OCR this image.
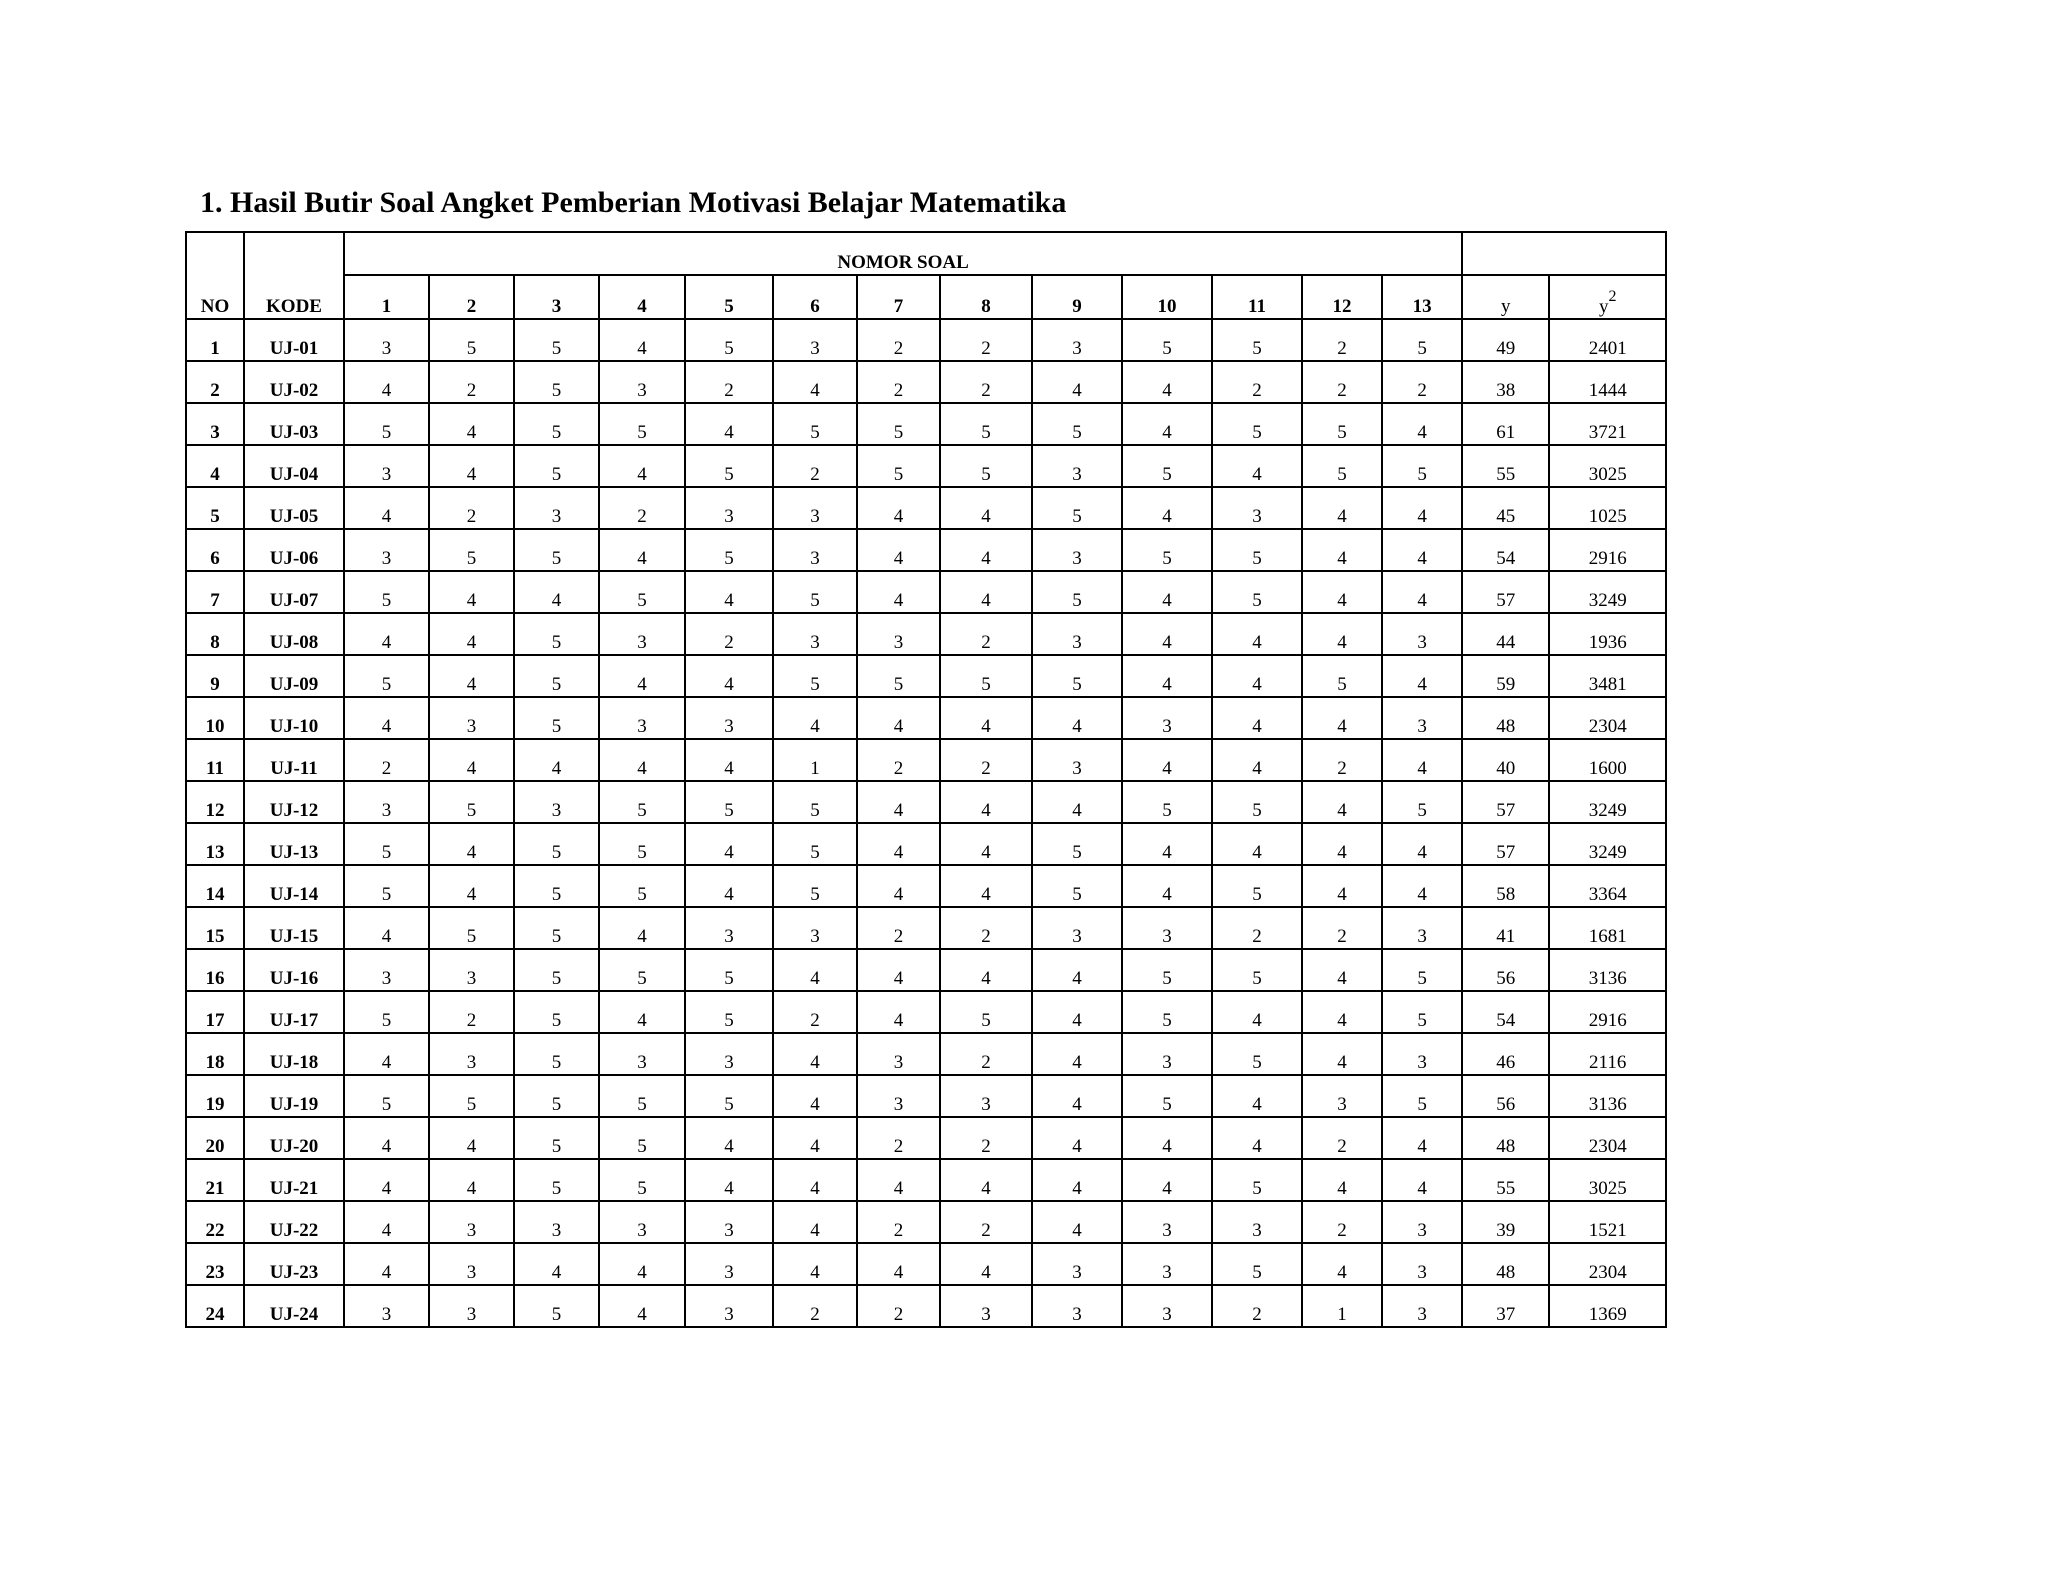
1. Hasil Butir Soal Angket Pemberian Motivasi Belajar Matematika
		NOMOR SOAL														
NO	KODE	1	2	3	4	5	6	7	8	9	10	11	12	13	y	$y^2$
1	UJ-01	3	5	5	4	5	3	2	2	3	5	5	2	5	49	2401
2	UJ-02	4	2	5	3	2	4	2	2	4	4	2	2	2	38	1444
3	UJ-03	5	4	5	5	4	5	5	5	5	4	5	5	4	61	3721
4	UJ-04	3	4	5	4	5	2	5	5	3	5	4	5	5	55	3025
5	UJ-05	4	2	3	2	3	3	4	4	5	4	3	4	4	45	1025
6	UJ-06	3	5	5	4	5	3	4	4	3	5	5	4	4	54	2916
7	UJ-07	5	4	4	5	4	5	4	4	5	4	5	4	4	57	3249
8	UJ-08	4	4	5	3	2	3	3	2	3	4	4	4	3	44	1936
9	UJ-09	5	4	5	4	4	5	5	5	5	4	4	5	4	59	3481
10	UJ-10	4	3	5	3	3	4	4	4	4	3	4	4	3	48	2304
11	UJ-11	2	4	4	4	4	1	2	2	3	4	4	2	4	40	1600
12	UJ-12	3	5	3	5	5	5	4	4	4	5	5	4	5	57	3249
13	UJ-13	5	4	5	5	4	5	4	4	5	4	4	4	4	57	3249
14	UJ-14	5	4	5	5	4	5	4	4	5	4	5	4	4	58	3364
15	UJ-15	4	5	5	4	3	3	2	2	3	3	2	2	3	41	1681
16	UJ-16	3	3	5	5	5	4	4	4	4	5	5	4	5	56	3136
17	UJ-17	5	2	5	4	5	2	4	5	4	5	4	4	5	54	2916
18	UJ-18	4	3	5	3	3	4	3	2	4	3	5	4	3	46	2116
19	UJ-19	5	5	5	5	5	4	3	3	4	5	4	3	5	56	3136
20	UJ-20	4	4	5	5	4	4	2	2	4	4	4	2	4	48	2304
21	UJ-21	4	4	5	5	4	4	4	4	4	4	5	4	4	55	3025
22	UJ-22	4	3	3	3	3	4	2	2	4	3	3	2	3	39	1521
23	UJ-23	4	3	4	4	3	4	4	4	3	3	5	4	3	48	2304
24	UJ-24	3	3	5	4	3	2	2	3	3	3	2	1	3	37	1369
